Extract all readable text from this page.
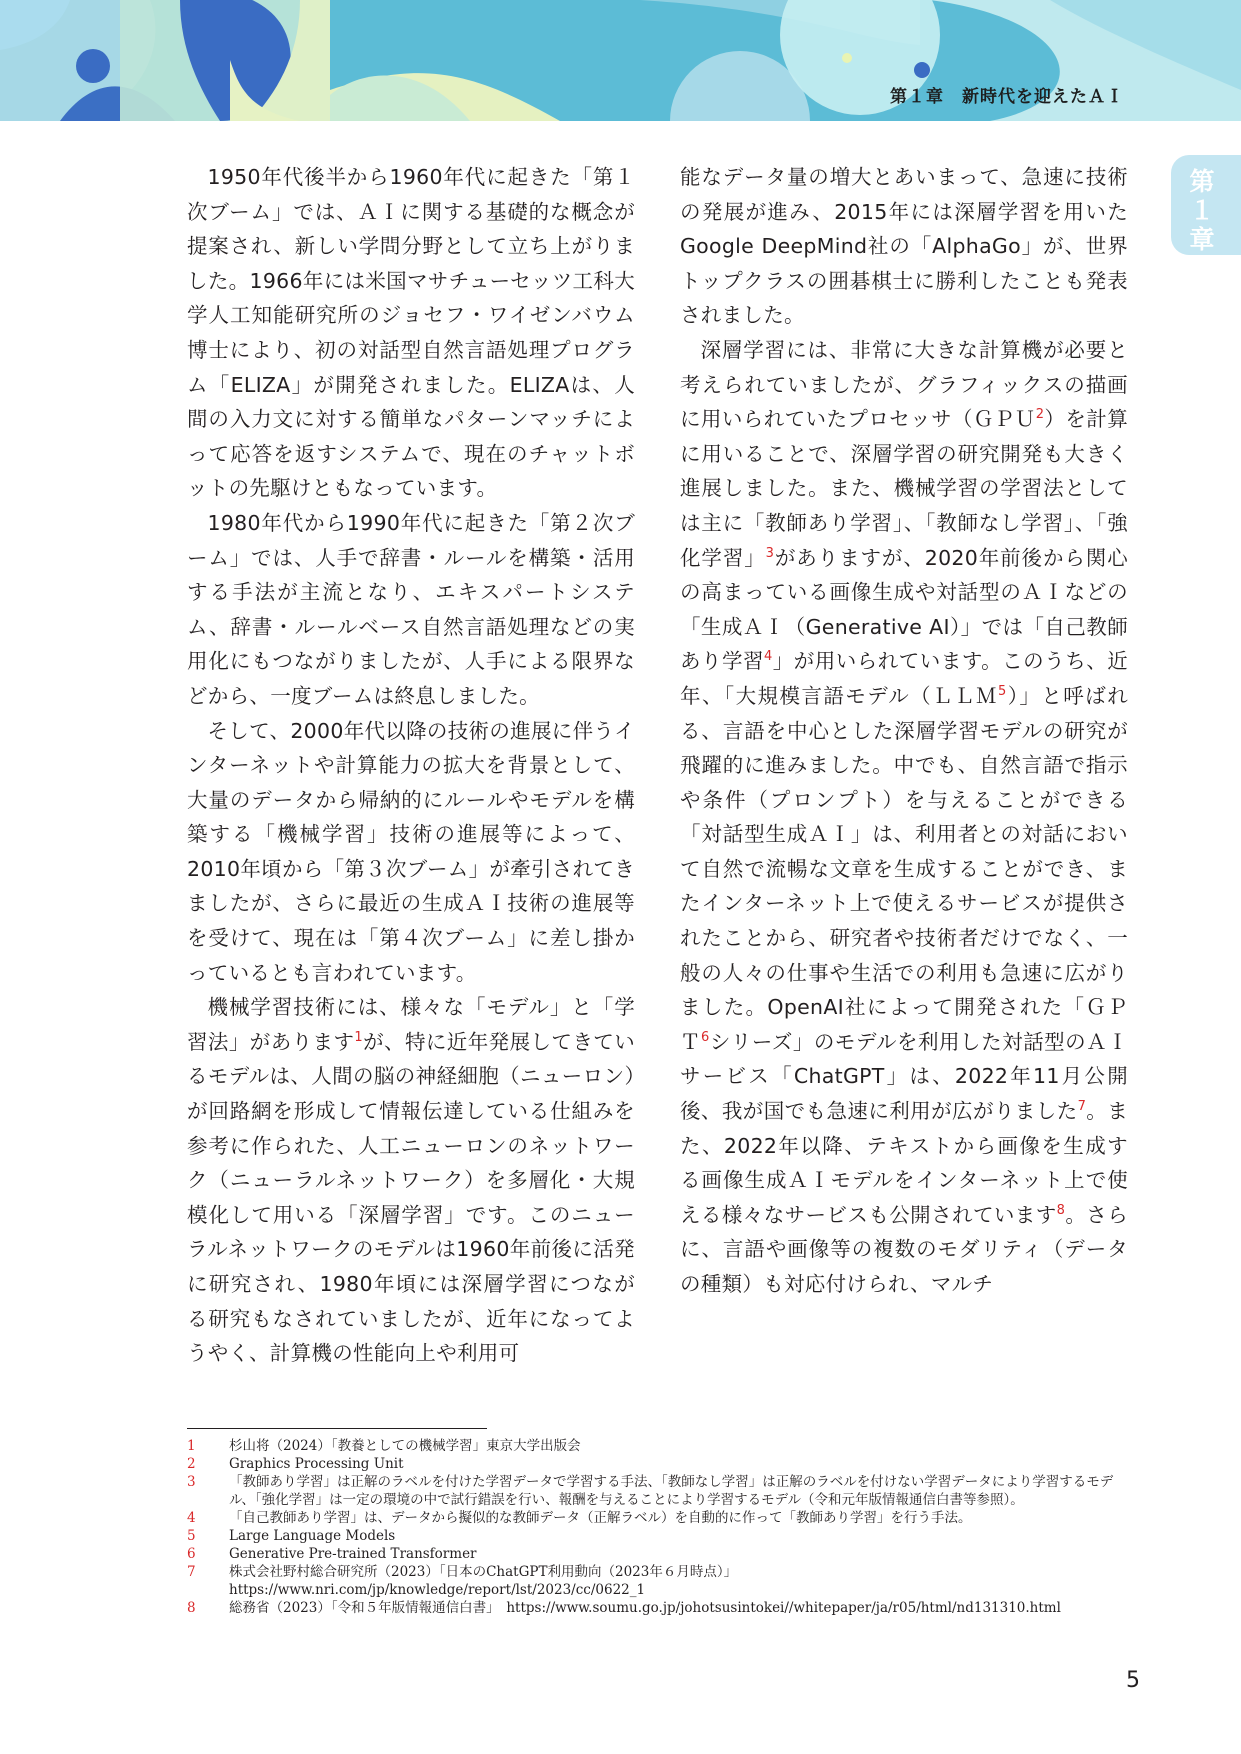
第１章　新時代を迎えたＡＩ
第１章

1950年代後半から1960年代に起きた「第１次ブーム」では、ＡＩに関する基礎的な概念が提案され、新しい学問分野として立ち上がりました。1966年には米国マサチューセッツ工科大学人工知能研究所のジョセフ・ワイゼンバウム博士により、初の対話型自然言語処理プログラム「ELIZA」が開発されました。ELIZAは、人間の入力文に対する簡単なパターンマッチによって応答を返すシステムで、現在のチャットボットの先駆けともなっています。

1980年代から1990年代に起きた「第２次ブーム」では、人手で辞書・ルールを構築・活用する手法が主流となり、エキスパートシステム、辞書・ルールベース自然言語処理などの実用化にもつながりましたが、人手による限界などから、一度ブームは終息しました。

そして、2000年代以降の技術の進展に伴うインターネットや計算能力の拡大を背景として、大量のデータから帰納的にルールやモデルを構築する「機械学習」技術の進展等によって、2010年頃から「第３次ブーム」が牽引されてきましたが、さらに最近の生成ＡＩ技術の進展等を受けて、現在は「第４次ブーム」に差し掛かっているとも言われています。

機械学習技術には、様々な「モデル」と「学習法」があります$^1$が、特に近年発展してきているモデルは、人間の脳の神経細胞（ニューロン）が回路網を形成して情報伝達している仕組みを参考に作られた、人工ニューロンのネットワーク（ニューラルネットワーク）を多層化・大規模化して用いる「深層学習」です。このニューラルネットワークのモデルは1960年前後に活発に研究され、1980年頃には深層学習につながる研究もなされていましたが、近年になってようやく、計算機の性能向上や利用可

能なデータ量の増大とあいまって、急速に技術の発展が進み、2015年には深層学習を用いたGoogle DeepMind社の「AlphaGo」が、世界トップクラスの囲碁棋士に勝利したことも発表されました。

深層学習には、非常に大きな計算機が必要と考えられていましたが、グラフィックスの描画に用いられていたプロセッサ（ＧＰＵ$^2$）を計算に用いることで、深層学習の研究開発も大きく進展しました。また、機械学習の学習法としては主に「教師あり学習」、「教師なし学習」、「強化学習」$^3$がありますが、2020年前後から関心の高まっている画像生成や対話型のＡＩなどの「生成ＡＩ（Generative AI）」では「自己教師あり学習$^4$」が用いられています。このうち、近年、「大規模言語モデル（ＬＬＭ$^5$）」と呼ばれる、言語を中心とした深層学習モデルの研究が飛躍的に進みました。中でも、自然言語で指示や条件（プロンプト）を与えることができる「対話型生成ＡＩ」は、利用者との対話において自然で流暢な文章を生成することができ、またインターネット上で使えるサービスが提供されたことから、研究者や技術者だけでなく、一般の人々の仕事や生活での利用も急速に広がりました。OpenAI社によって開発された「ＧＰＴ$^6$シリーズ」のモデルを利用した対話型のＡＩサービス「ChatGPT」は、2022年11月公開後、我が国でも急速に利用が広がりました$^7$。また、2022年以降、テキストから画像を生成する画像生成ＡＩモデルをインターネット上で使える様々なサービスも公開されています$^8$。さらに、言語や画像等の複数のモダリティ（データの種類）も対応付けられ、マルチ

1	杉山将（2024）「教養としての機械学習」東京大学出版会
2	Graphics Processing Unit
3	「教師あり学習」は正解のラベルを付けた学習データで学習する手法、「教師なし学習」は正解のラベルを付けない学習データにより学習するモデル、「強化学習」は一定の環境の中で試行錯誤を行い、報酬を与えることにより学習するモデル（令和元年版情報通信白書等参照）。
4	「自己教師あり学習」は、データから擬似的な教師データ（正解ラベル）を自動的に作って「教師あり学習」を行う手法。
5	Large Language Models
6	Generative Pre-trained Transformer
7	株式会社野村総合研究所（2023）「日本のChatGPT利用動向（2023年６月時点）」https://www.nri.com/jp/knowledge/report/lst/2023/cc/0622_1
8	総務省（2023）「令和５年版情報通信白書」　https://www.soumu.go.jp/johotsusintokei//whitepaper/ja/r05/html/nd131310.html
5
